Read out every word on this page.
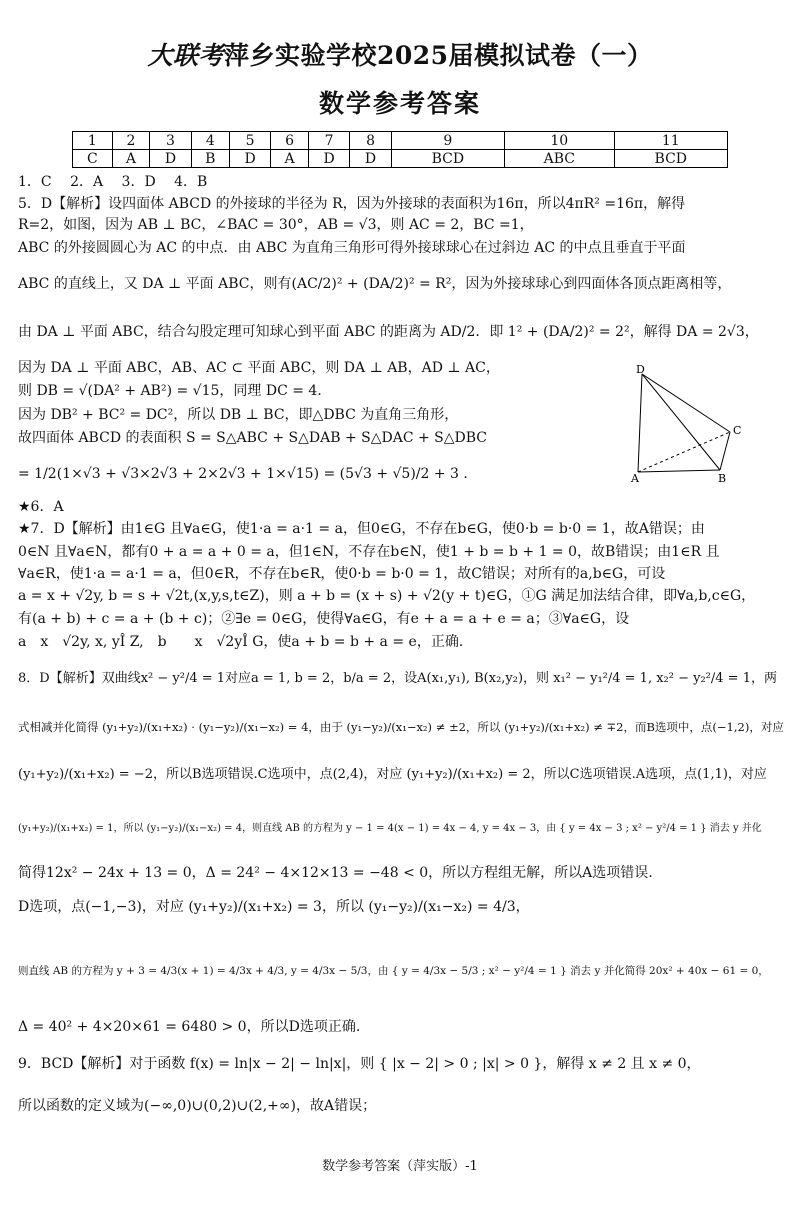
大联考萍乡实验学校2025届模拟试卷（一）
数学参考答案
1	2	3	4	5	6	7	8	9	10	11
C	A	D	B	D	A	D	D	BCD	ABC	BCD
1．C　 2．A　 3．D　 4．B
5．D【解析】设四面体 ABCD 的外接球的半径为 R，因为外接球的表面积为16π，所以4πR² =16π，解得
R=2，如图，因为 AB ⊥ BC，∠BAC = 30°，AB = √3，则 AC = 2，BC =1，
ABC 的外接圆圆心为 AC 的中点．由 ABC 为直角三角形可得外接球球心在过斜边 AC 的中点且垂直于平面
ABC 的直线上，又 DA ⊥ 平面 ABC，则有(AC/2)² + (DA/2)² = R²，因为外接球球心到四面体各顶点距离相等，
由 DA ⊥ 平面 ABC，结合勾股定理可知球心到平面 ABC 的距离为 AD/2．即 1² + (DA/2)² = 2²，解得 DA = 2√3，
因为 DA ⊥ 平面 ABC，AB、AC ⊂ 平面 ABC，则 DA ⊥ AB，AD ⊥ AC，
则 DB = √(DA² + AB²) = √15，同理 DC = 4．
因为 DB² + BC² = DC²，所以 DB ⊥ BC，即△DBC 为直角三角形，
故四面体 ABCD 的表面积 S = S△ABC + S△DAB + S△DAC + S△DBC
= 1/2(1×√3 + √3×2√3 + 2×2√3 + 1×√15) = (5√3 + √5)/2 + 3 ．
★6．A
★7．D【解析】由1∈G 且∀a∈G，使1·a = a·1 = a，但0∈G，不存在b∈G，使0·b = b·0 = 1，故A错误；由
0∈N 且∀a∈N，都有0 + a = a + 0 = a，但1∈N，不存在b∈N，使1 + b = b + 1 = 0，故B错误；由1∈R 且
∀a∈R，使1·a = a·1 = a，但0∈R，不存在b∈R，使0·b = b·0 = 1，故C错误；对所有的a,b∈G，可设
a = x + √2y, b = s + √2t,(x,y,s,t∈Z)，则 a + b = (x + s) + √2(y + t)∈G，①G 满足加法结合律，即∀a,b,c∈G，
有(a + b) + c = a + (b + c)；②∃e = 0∈G，使得∀a∈G，有e + a = a + e = a；③∀a∈G，设
a　x　√2y, x, yÎ Z,　b　　x　√2yÎ G，使a + b = b + a = e，正确．
8．D【解析】双曲线x² − y²/4 = 1对应a = 1, b = 2，b/a = 2，设A(x₁,y₁), B(x₂,y₂)，则 x₁² − y₁²/4 = 1, x₂² − y₂²/4 = 1，两
式相减并化简得 (y₁+y₂)/(x₁+x₂) · (y₁−y₂)/(x₁−x₂) = 4，由于 (y₁−y₂)/(x₁−x₂) ≠ ±2，所以 (y₁+y₂)/(x₁+x₂) ≠ ∓2，而B选项中，点(−1,2)，对应
(y₁+y₂)/(x₁+x₂) = −2，所以B选项错误.C选项中，点(2,4)，对应 (y₁+y₂)/(x₁+x₂) = 2，所以C选项错误.A选项，点(1,1)，对应
(y₁+y₂)/(x₁+x₂) = 1，所以 (y₁−y₂)/(x₁−x₂) = 4，则直线 AB 的方程为 y − 1 = 4(x − 1) = 4x − 4, y = 4x − 3，由 { y = 4x − 3 ; x² − y²/4 = 1 } 消去 y 并化
简得12x² − 24x + 13 = 0，Δ = 24² − 4×12×13 = −48 < 0，所以方程组无解，所以A选项错误.
D选项，点(−1,−3)，对应 (y₁+y₂)/(x₁+x₂) = 3，所以 (y₁−y₂)/(x₁−x₂) = 4/3，
则直线 AB 的方程为 y + 3 = 4/3(x + 1) = 4/3x + 4/3, y = 4/3x − 5/3，由 { y = 4/3x − 5/3 ; x² − y²/4 = 1 } 消去 y 并化简得 20x² + 40x − 61 = 0，
Δ = 40² + 4×20×61 = 6480 > 0，所以D选项正确.
9．BCD【解析】对于函数 f(x) = ln|x − 2| − ln|x|，则 { |x − 2| > 0 ; |x| > 0 }，解得 x ≠ 2 且 x ≠ 0，
所以函数的定义域为(−∞,0)∪(0,2)∪(2,+∞)，故A错误；
D
C
A	B
数学参考答案（萍实版）-1
